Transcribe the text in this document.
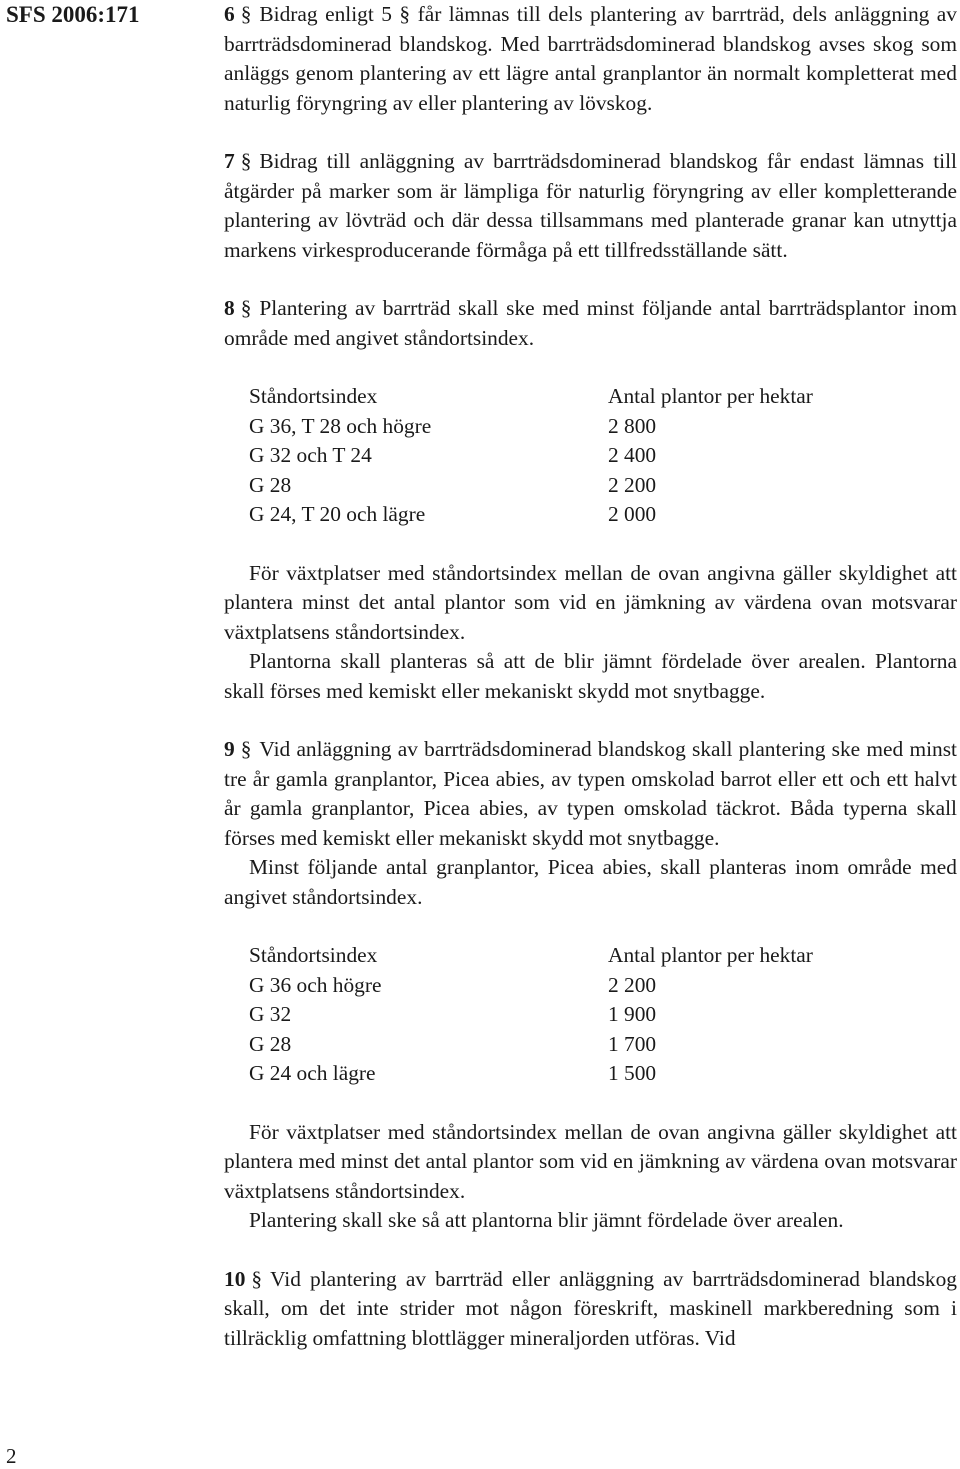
SFS 2006:171	6 § Bidrag enligt 5 § får lämnas till dels plantering av barrträd, dels anläggning av barrträdsdominerad blandskog. Med barrträdsdominerad blandskog avses skog som anläggs genom plantering av ett lägre antal granplantor än normalt kompletterat med naturlig föryngring av eller plantering av lövskog.

7 § Bidrag till anläggning av barrträdsdominerad blandskog får endast lämnas till åtgärder på marker som är lämpliga för naturlig föryngring av eller kompletterande plantering av lövträd och där dessa tillsammans med planterade granar kan utnyttja markens virkesproducerande förmåga på ett tillfredsställande sätt.

8 § Plantering av barrträd skall ske med minst följande antal barrträdsplantor inom område med angivet ståndortsindex.

Ståndortsindex	Antal plantor per hektar
G 36, T 28 och högre	2 800
G 32 och T 24	2 400
G 28	2 200
G 24, T 20 och lägre	2 000

För växtplatser med ståndortsindex mellan de ovan angivna gäller skyldighet att plantera minst det antal plantor som vid en jämkning av värdena ovan motsvarar växtplatsens ståndortsindex.

Plantorna skall planteras så att de blir jämnt fördelade över arealen. Plantorna skall förses med kemiskt eller mekaniskt skydd mot snytbagge.

9 § Vid anläggning av barrträdsdominerad blandskog skall plantering ske med minst tre år gamla granplantor, Picea abies, av typen omskolad barrot eller ett och ett halvt år gamla granplantor, Picea abies, av typen omskolad täckrot. Båda typerna skall förses med kemiskt eller mekaniskt skydd mot snytbagge.

Minst följande antal granplantor, Picea abies, skall planteras inom område med angivet ståndortsindex.

Ståndortsindex	Antal plantor per hektar
G 36 och högre	2 200
G 32	1 900
G 28	1 700
G 24 och lägre	1 500

För växtplatser med ståndortsindex mellan de ovan angivna gäller skyldighet att plantera med minst det antal plantor som vid en jämkning av värdena ovan motsvarar växtplatsens ståndortsindex.

Plantering skall ske så att plantorna blir jämnt fördelade över arealen.

10 § Vid plantering av barrträd eller anläggning av barrträdsdominerad blandskog skall, om det inte strider mot någon föreskrift, maskinell markberedning som i tillräcklig omfattning blottlägger mineraljorden utföras. Vid

2
